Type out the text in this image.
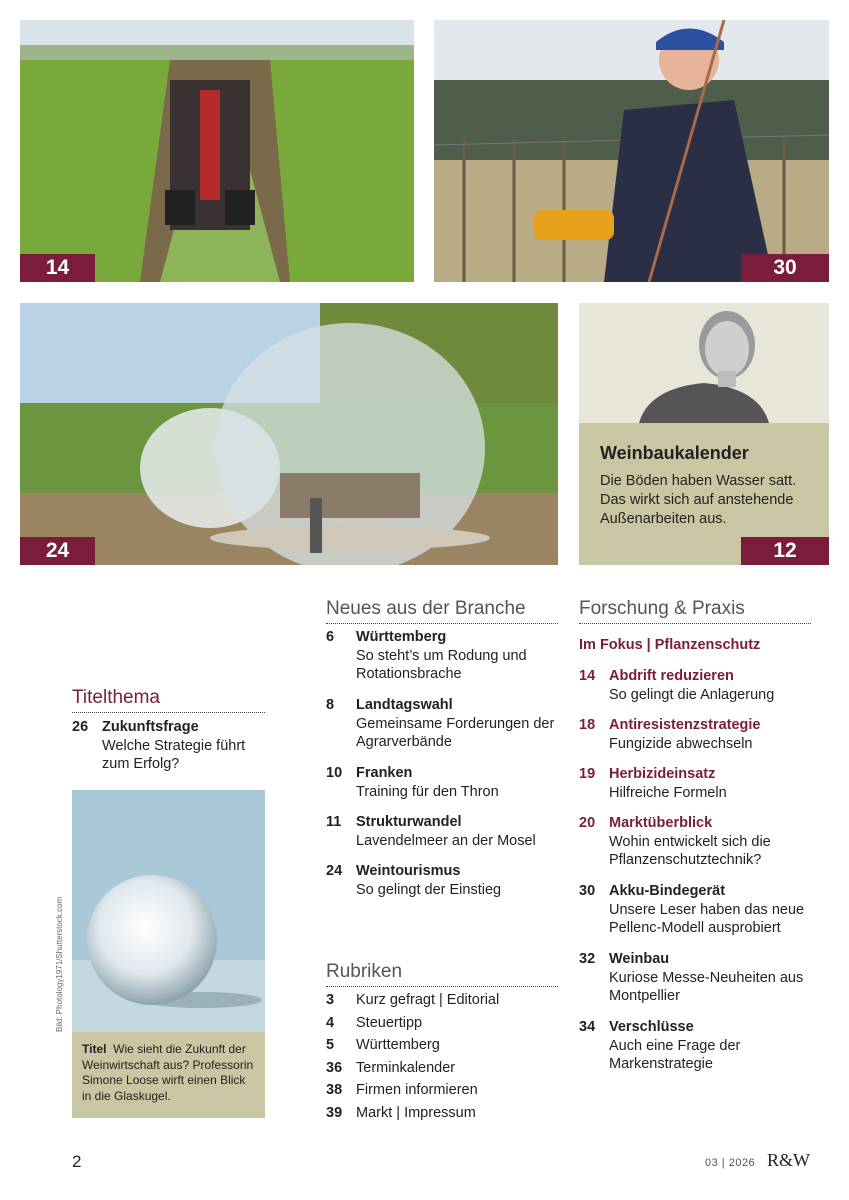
14	30
24
Weinbaukalender
Die Böden haben Wasser satt. Das wirkt sich auf anstehende Außenarbeiten aus.
12
Titelthema
26 Zukunftsfrage
Welche Strategie führt zum Erfolg?
Bild: Photology1971/Shutterstock.com
Titel Wie sieht die Zukunft der Weinwirtschaft aus? Professorin Simone Loose wirft einen Blick in die Glaskugel.
Neues aus der Branche
6 Württemberg
So steht’s um Rodung und Rotationsbrache
8 Landtagswahl
Gemeinsame Forderungen der Agrarverbände
10 Franken
Training für den Thron
11 Strukturwandel
Lavendelmeer an der Mosel
24 Weintourismus
So gelingt der Einstieg
Rubriken
3 Kurz gefragt | Editorial
4 Steuertipp
5 Württemberg
36 Terminkalender
38 Firmen informieren
39 Markt | Impressum
Forschung & Praxis
Im Fokus | Pflanzenschutz
14 Abdrift reduzieren
So gelingt die Anlagerung
18 Antiresistenzstrategie
Fungizide abwechseln
19 Herbizideinsatz
Hilfreiche Formeln
20 Marktüberblick
Wohin entwickelt sich die Pflanzenschutztechnik?
30 Akku-Bindegerät
Unsere Leser haben das neue Pellenc-Modell ausprobiert
32 Weinbau
Kuriose Messe-Neuheiten aus Montpellier
34 Verschlüsse
Auch eine Frage der Markenstrategie
2	03 | 2026 R&W
